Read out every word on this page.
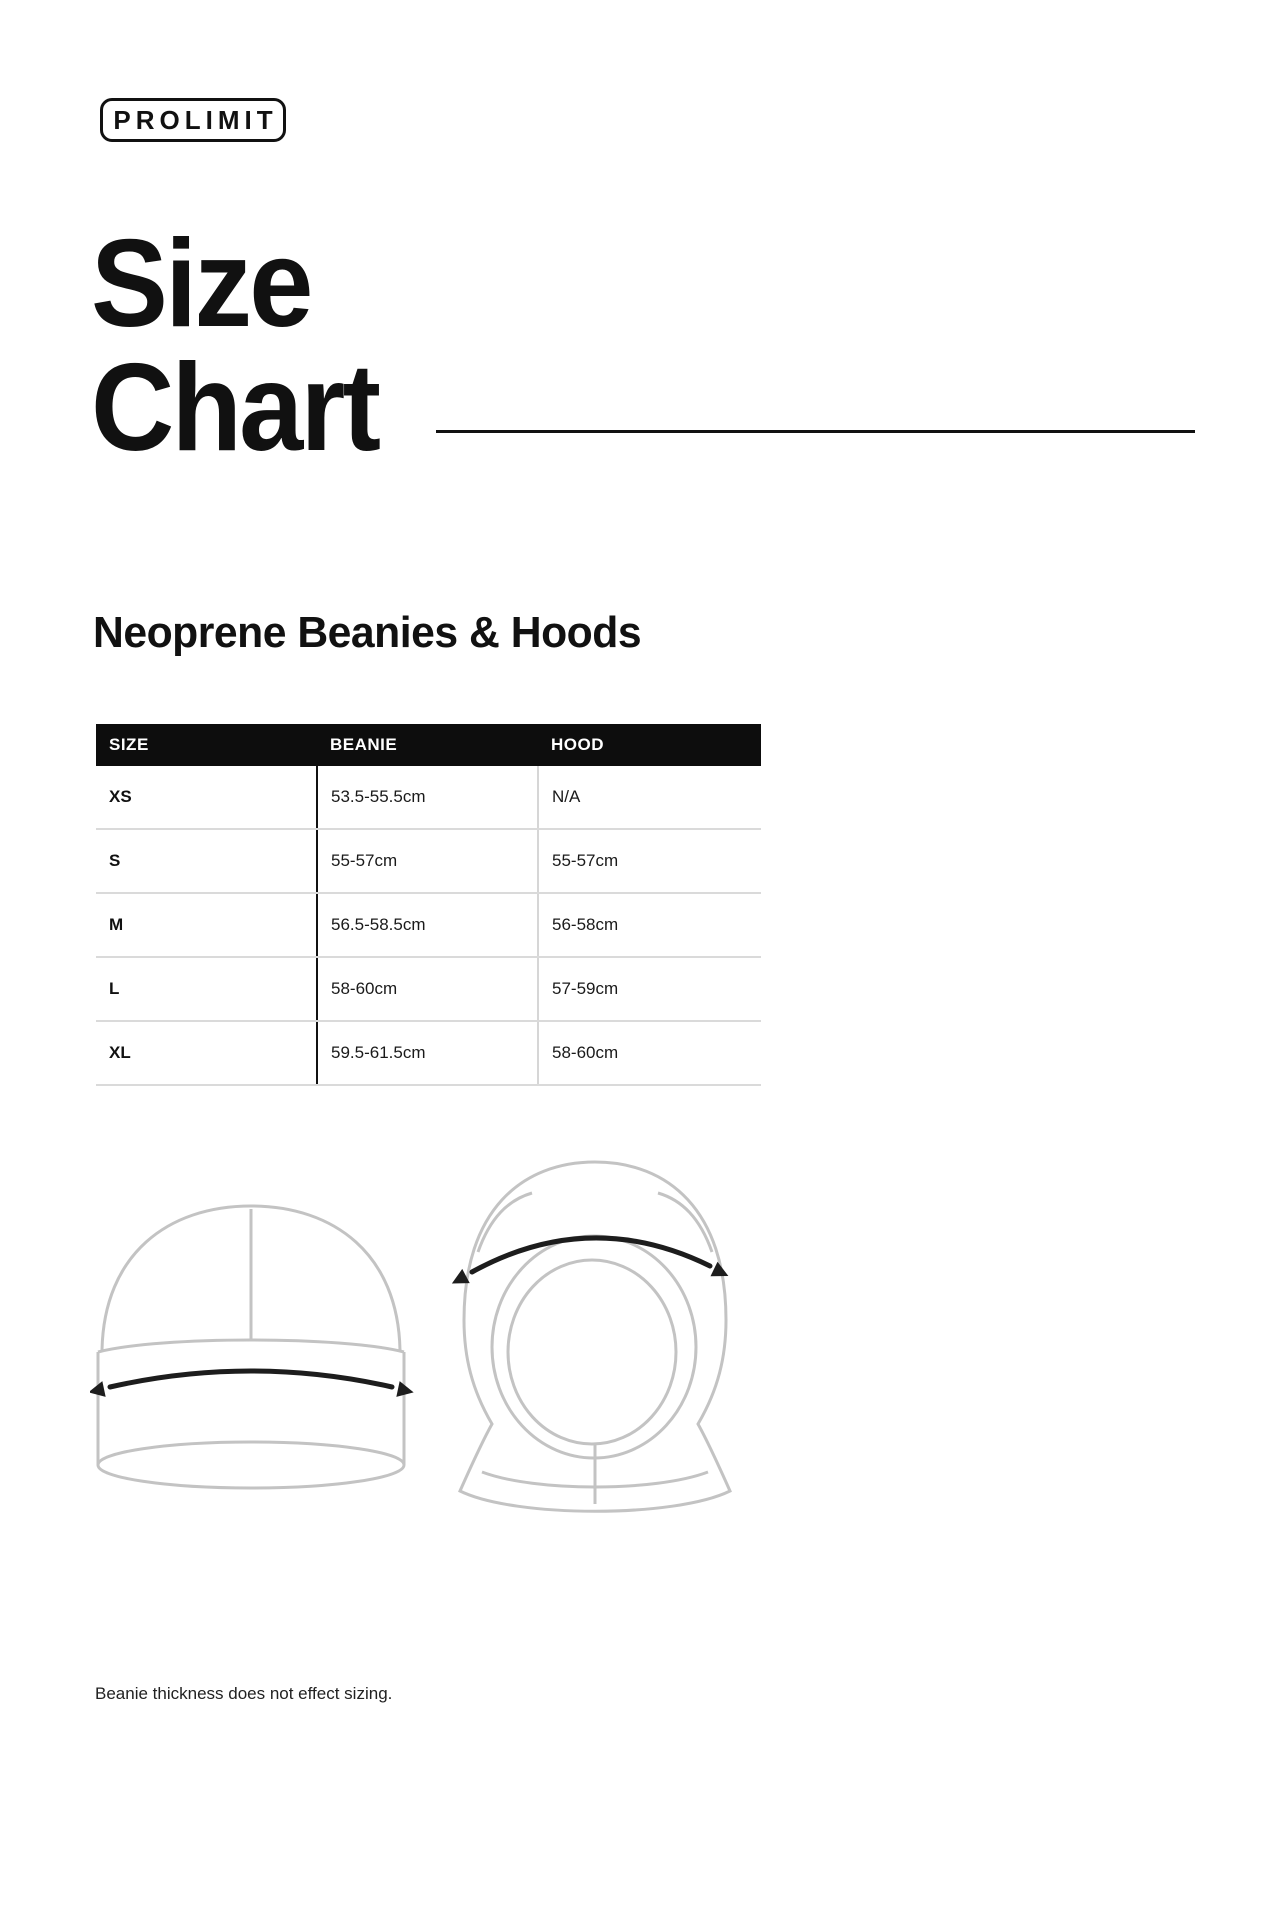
PROLIMIT
Size
Chart
Neoprene Beanies & Hoods
SIZE	BEANIE	HOOD
XS	53.5-55.5cm	N/A
S	55-57cm	55-57cm
M	56.5-58.5cm	56-58cm
L	58-60cm	57-59cm
XL	59.5-61.5cm	58-60cm
Beanie thickness does not effect sizing.
